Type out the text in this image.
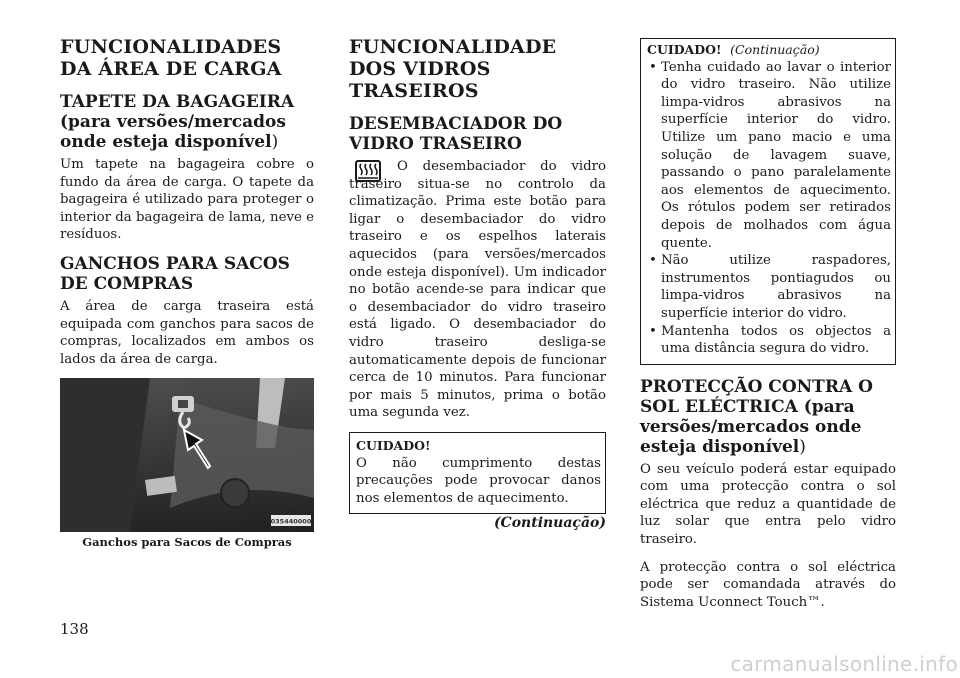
FUNCIONALIDADES DA ÁREA DE CARGA
TAPETE DA BAGAGEIRA (para versões/mercados onde esteja disponível)

Um tapete na bagageira cobre o fundo da área de carga. O tapete da bagageira é utilizado para proteger o interior da bagageira de lama, neve e resíduos.

GANCHOS PARA SACOS DE COMPRAS

A área de carga traseira está equipada com ganchos para sacos de compras, localizados em ambos os lados da área de carga.

035440000
Ganchos para Sacos de Compras
FUNCIONALIDADE DOS VIDROS TRASEIROS
DESEMBACIADOR DO VIDRO TRASEIRO

O desembaciador do vidro traseiro situa-se no controlo da climatização. Prima este botão para ligar o desembaciador do vidro traseiro e os espelhos laterais aquecidos (para versões/mercados onde esteja disponível). Um indicador no botão acende-se para indicar que o desembaciador do vidro traseiro está ligado. O desembaciador do vidro traseiro desliga-se automaticamente depois de funcionar cerca de 10 minutos. Para funcionar por mais 5 minutos, prima o botão uma segunda vez.

CUIDADO!
O não cumprimento destas precauções pode provocar danos nos elementos de aquecimento.
(Continuação)
CUIDADO! (Continuação)
• Tenha cuidado ao lavar o interior do vidro traseiro. Não utilize limpa-vidros abrasivos na superfície interior do vidro. Utilize um pano macio e uma solução de lavagem suave, passando o pano paralelamente aos elementos de aquecimento. Os rótulos podem ser retirados depois de molhados com água quente.
• Não utilize raspadores, instrumentos pontiagudos ou limpa-vidros abrasivos na superfície interior do vidro.
• Mantenha todos os objectos a uma distância segura do vidro.
PROTECÇÃO CONTRA O SOL ELÉCTRICA (para versões/mercados onde esteja disponível)

O seu veículo poderá estar equipado com uma protecção contra o sol eléctrica que reduz a quantidade de luz solar que entra pelo vidro traseiro.

A protecção contra o sol eléctrica pode ser comandada através do Sistema Uconnect Touch™.

138
carmanualsonline.info
